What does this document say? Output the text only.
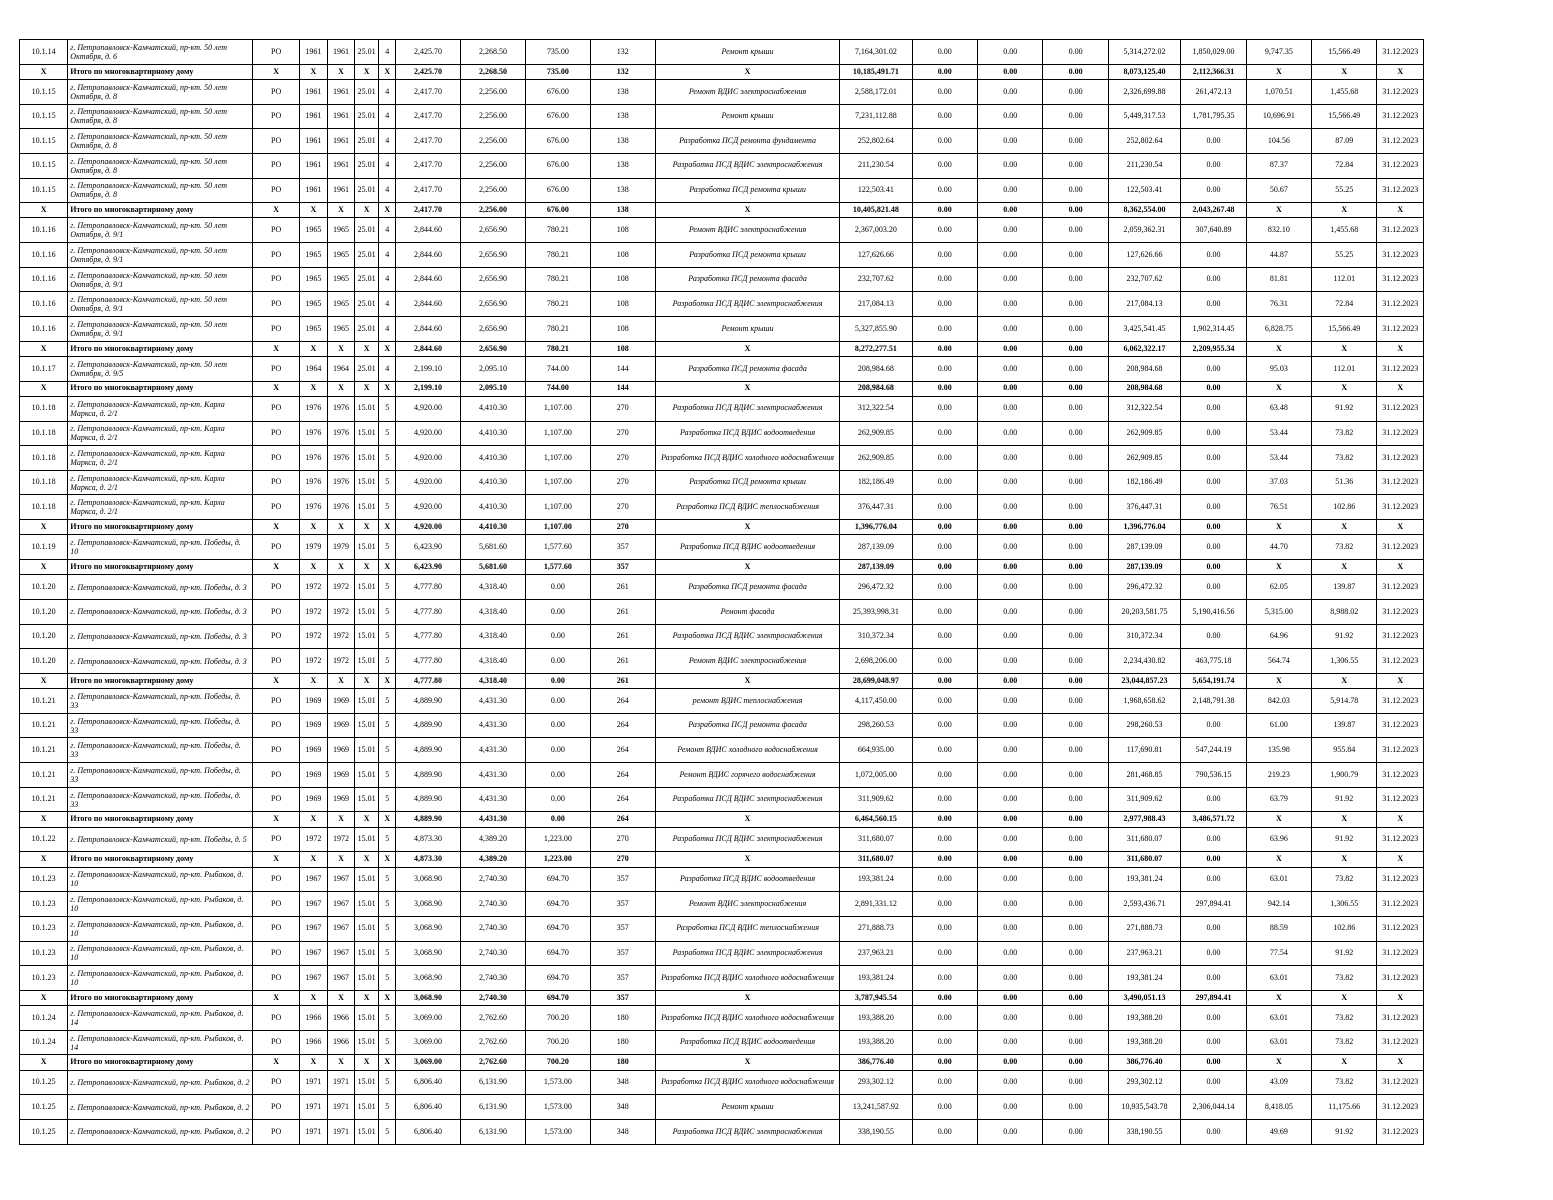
10.1.14	г. Петропавловск-Камчатский, пр-кт. 50 лет Октября, д. 6	РО	1961	1961	25.01	4	2,425.70	2,268.50	735.00	132	Ремонт крыши	7,164,301.02	0.00	0.00	0.00	5,314,272.02	1,850,029.00	9,747.35	15,566.49	31.12.2023
X	Итого по многоквартирному дому	X	X	X	X	X	2,425.70	2,268.50	735.00	132	X	10,185,491.71	0.00	0.00	0.00	8,073,125.40	2,112,366.31	X	X	X
10.1.15	г. Петропавловск-Камчатский, пр-кт. 50 лет Октября, д. 8	РО	1961	1961	25.01	4	2,417.70	2,256.00	676.00	138	Ремонт ВДИС электроснабжения	2,588,172.01	0.00	0.00	0.00	2,326,699.88	261,472.13	1,070.51	1,455.68	31.12.2023
10.1.15	г. Петропавловск-Камчатский, пр-кт. 50 лет Октября, д. 8	РО	1961	1961	25.01	4	2,417.70	2,256.00	676.00	138	Ремонт крыши	7,231,112.88	0.00	0.00	0.00	5,449,317.53	1,781,795.35	10,696.91	15,566.49	31.12.2023
10.1.15	г. Петропавловск-Камчатский, пр-кт. 50 лет Октября, д. 8	РО	1961	1961	25.01	4	2,417.70	2,256.00	676.00	138	Разработка ПСД ремонта фундамента	252,802.64	0.00	0.00	0.00	252,802.64	0.00	104.56	87.09	31.12.2023
10.1.15	г. Петропавловск-Камчатский, пр-кт. 50 лет Октября, д. 8	РО	1961	1961	25.01	4	2,417.70	2,256.00	676.00	138	Разработка ПСД ВДИС электроснабжения	211,230.54	0.00	0.00	0.00	211,230.54	0.00	87.37	72.84	31.12.2023
10.1.15	г. Петропавловск-Камчатский, пр-кт. 50 лет Октября, д. 8	РО	1961	1961	25.01	4	2,417.70	2,256.00	676.00	138	Разработка ПСД ремонта крыши	122,503.41	0.00	0.00	0.00	122,503.41	0.00	50.67	55.25	31.12.2023
X	Итого по многоквартирному дому	X	X	X	X	X	2,417.70	2,256.00	676.00	138	X	10,405,821.48	0.00	0.00	0.00	8,362,554.00	2,043,267.48	X	X	X
10.1.16	г. Петропавловск-Камчатский, пр-кт. 50 лет Октября, д. 9/1	РО	1965	1965	25.01	4	2,844.60	2,656.90	780.21	108	Ремонт ВДИС электроснабжения	2,367,003.20	0.00	0.00	0.00	2,059,362.31	307,640.89	832.10	1,455.68	31.12.2023
10.1.16	г. Петропавловск-Камчатский, пр-кт. 50 лет Октября, д. 9/1	РО	1965	1965	25.01	4	2,844.60	2,656.90	780.21	108	Разработка ПСД ремонта крыши	127,626.66	0.00	0.00	0.00	127,626.66	0.00	44.87	55.25	31.12.2023
10.1.16	г. Петропавловск-Камчатский, пр-кт. 50 лет Октября, д. 9/1	РО	1965	1965	25.01	4	2,844.60	2,656.90	780.21	108	Разработка ПСД ремонта фасада	232,707.62	0.00	0.00	0.00	232,707.62	0.00	81.81	112.01	31.12.2023
10.1.16	г. Петропавловск-Камчатский, пр-кт. 50 лет Октября, д. 9/1	РО	1965	1965	25.01	4	2,844.60	2,656.90	780.21	108	Разработка ПСД ВДИС электроснабжения	217,084.13	0.00	0.00	0.00	217,084.13	0.00	76.31	72.84	31.12.2023
10.1.16	г. Петропавловск-Камчатский, пр-кт. 50 лет Октября, д. 9/1	РО	1965	1965	25.01	4	2,844.60	2,656.90	780.21	108	Ремонт крыши	5,327,855.90	0.00	0.00	0.00	3,425,541.45	1,902,314.45	6,828.75	15,566.49	31.12.2023
X	Итого по многоквартирному дому	X	X	X	X	X	2,844.60	2,656.90	780.21	108	X	8,272,277.51	0.00	0.00	0.00	6,062,322.17	2,209,955.34	X	X	X
10.1.17	г. Петропавловск-Камчатский, пр-кт. 50 лет Октября, д. 9/5	РО	1964	1964	25.01	4	2,199.10	2,095.10	744.00	144	Разработка ПСД ремонта фасада	208,984.68	0.00	0.00	0.00	208,984.68	0.00	95.03	112.01	31.12.2023
X	Итого по многоквартирному дому	X	X	X	X	X	2,199.10	2,095.10	744.00	144	X	208,984.68	0.00	0.00	0.00	208,984.68	0.00	X	X	X
10.1.18	г. Петропавловск-Камчатский, пр-кт. Карла Маркса, д. 2/1	РО	1976	1976	15.01	5	4,920.00	4,410.30	1,107.00	270	Разработка ПСД ВДИС электроснабжения	312,322.54	0.00	0.00	0.00	312,322.54	0.00	63.48	91.92	31.12.2023
10.1.18	г. Петропавловск-Камчатский, пр-кт. Карла Маркса, д. 2/1	РО	1976	1976	15.01	5	4,920.00	4,410.30	1,107.00	270	Разработка ПСД ВДИС водоотведения	262,909.85	0.00	0.00	0.00	262,909.85	0.00	53.44	73.82	31.12.2023
10.1.18	г. Петропавловск-Камчатский, пр-кт. Карла Маркса, д. 2/1	РО	1976	1976	15.01	5	4,920.00	4,410.30	1,107.00	270	Разработка ПСД ВДИС холодного водоснабжения	262,909.85	0.00	0.00	0.00	262,909.85	0.00	53.44	73.82	31.12.2023
10.1.18	г. Петропавловск-Камчатский, пр-кт. Карла Маркса, д. 2/1	РО	1976	1976	15.01	5	4,920.00	4,410.30	1,107.00	270	Разработка ПСД ремонта крыши	182,186.49	0.00	0.00	0.00	182,186.49	0.00	37.03	51.36	31.12.2023
10.1.18	г. Петропавловск-Камчатский, пр-кт. Карла Маркса, д. 2/1	РО	1976	1976	15.01	5	4,920.00	4,410.30	1,107.00	270	Разработка ПСД ВДИС теплоснабжения	376,447.31	0.00	0.00	0.00	376,447.31	0.00	76.51	102.86	31.12.2023
X	Итого по многоквартирному дому	X	X	X	X	X	4,920.00	4,410.30	1,107.00	270	X	1,396,776.04	0.00	0.00	0.00	1,396,776.04	0.00	X	X	X
10.1.19	г. Петропавловск-Камчатский, пр-кт. Победы, д. 10	РО	1979	1979	15.01	5	6,423.90	5,681.60	1,577.60	357	Разработка ПСД ВДИС водоотведения	287,139.09	0.00	0.00	0.00	287,139.09	0.00	44.70	73.82	31.12.2023
X	Итого по многоквартирному дому	X	X	X	X	X	6,423.90	5,681.60	1,577.60	357	X	287,139.09	0.00	0.00	0.00	287,139.09	0.00	X	X	X
10.1.20	г. Петропавловск-Камчатский, пр-кт. Победы, д. 3	РО	1972	1972	15.01	5	4,777.80	4,318.40	0.00	261	Разработка ПСД ремонта фасада	296,472.32	0.00	0.00	0.00	296,472.32	0.00	62.05	139.87	31.12.2023
10.1.20	г. Петропавловск-Камчатский, пр-кт. Победы, д. 3	РО	1972	1972	15.01	5	4,777.80	4,318.40	0.00	261	Ремонт фасада	25,393,998.31	0.00	0.00	0.00	20,203,581.75	5,190,416.56	5,315.00	8,988.02	31.12.2023
10.1.20	г. Петропавловск-Камчатский, пр-кт. Победы, д. 3	РО	1972	1972	15.01	5	4,777.80	4,318.40	0.00	261	Разработка ПСД ВДИС электроснабжения	310,372.34	0.00	0.00	0.00	310,372.34	0.00	64.96	91.92	31.12.2023
10.1.20	г. Петропавловск-Камчатский, пр-кт. Победы, д. 3	РО	1972	1972	15.01	5	4,777.80	4,318.40	0.00	261	Ремонт ВДИС электроснабжения	2,698,206.00	0.00	0.00	0.00	2,234,430.82	463,775.18	564.74	1,306.55	31.12.2023
X	Итого по многоквартирному дому	X	X	X	X	X	4,777.80	4,318.40	0.00	261	X	28,699,048.97	0.00	0.00	0.00	23,044,857.23	5,654,191.74	X	X	X
10.1.21	г. Петропавловск-Камчатский, пр-кт. Победы, д. 33	РО	1969	1969	15.01	5	4,889.90	4,431.30	0.00	264	ремонт ВДИС теплоснабжения	4,117,450.00	0.00	0.00	0.00	1,968,658.62	2,148,791.38	842.03	5,914.78	31.12.2023
10.1.21	г. Петропавловск-Камчатский, пр-кт. Победы, д. 33	РО	1969	1969	15.01	5	4,889.90	4,431.30	0.00	264	Разработка ПСД ремонта фасада	298,260.53	0.00	0.00	0.00	298,260.53	0.00	61.00	139.87	31.12.2023
10.1.21	г. Петропавловск-Камчатский, пр-кт. Победы, д. 33	РО	1969	1969	15.01	5	4,889.90	4,431.30	0.00	264	Ремонт ВДИС холодного водоснабжения	664,935.00	0.00	0.00	0.00	117,690.81	547,244.19	135.98	955.84	31.12.2023
10.1.21	г. Петропавловск-Камчатский, пр-кт. Победы, д. 33	РО	1969	1969	15.01	5	4,889.90	4,431.30	0.00	264	Ремонт ВДИС горячего водоснабжения	1,072,005.00	0.00	0.00	0.00	281,468.85	790,536.15	219.23	1,900.79	31.12.2023
10.1.21	г. Петропавловск-Камчатский, пр-кт. Победы, д. 33	РО	1969	1969	15.01	5	4,889.90	4,431.30	0.00	264	Разработка ПСД ВДИС электроснабжения	311,909.62	0.00	0.00	0.00	311,909.62	0.00	63.79	91.92	31.12.2023
X	Итого по многоквартирному дому	X	X	X	X	X	4,889.90	4,431.30	0.00	264	X	6,464,560.15	0.00	0.00	0.00	2,977,988.43	3,486,571.72	X	X	X
10.1.22	г. Петропавловск-Камчатский, пр-кт. Победы, д. 5	РО	1972	1972	15.01	5	4,873.30	4,389.20	1,223.00	270	Разработка ПСД ВДИС электроснабжения	311,680.07	0.00	0.00	0.00	311,680.07	0.00	63.96	91.92	31.12.2023
X	Итого по многоквартирному дому	X	X	X	X	X	4,873.30	4,389.20	1,223.00	270	X	311,680.07	0.00	0.00	0.00	311,680.07	0.00	X	X	X
10.1.23	г. Петропавловск-Камчатский, пр-кт. Рыбаков, д. 10	РО	1967	1967	15.01	5	3,068.90	2,740.30	694.70	357	Разработка ПСД ВДИС водоотведения	193,381.24	0.00	0.00	0.00	193,381.24	0.00	63.01	73.82	31.12.2023
10.1.23	г. Петропавловск-Камчатский, пр-кт. Рыбаков, д. 10	РО	1967	1967	15.01	5	3,068.90	2,740.30	694.70	357	Ремонт ВДИС электроснабжения	2,891,331.12	0.00	0.00	0.00	2,593,436.71	297,894.41	942.14	1,306.55	31.12.2023
10.1.23	г. Петропавловск-Камчатский, пр-кт. Рыбаков, д. 10	РО	1967	1967	15.01	5	3,068.90	2,740.30	694.70	357	Разработка ПСД ВДИС теплоснабжения	271,888.73	0.00	0.00	0.00	271,888.73	0.00	88.59	102.86	31.12.2023
10.1.23	г. Петропавловск-Камчатский, пр-кт. Рыбаков, д. 10	РО	1967	1967	15.01	5	3,068.90	2,740.30	694.70	357	Разработка ПСД ВДИС электроснабжения	237,963.21	0.00	0.00	0.00	237,963.21	0.00	77.54	91.92	31.12.2023
10.1.23	г. Петропавловск-Камчатский, пр-кт. Рыбаков, д. 10	РО	1967	1967	15.01	5	3,068.90	2,740.30	694.70	357	Разработка ПСД ВДИС холодного водоснабжения	193,381.24	0.00	0.00	0.00	193,381.24	0.00	63.01	73.82	31.12.2023
X	Итого по многоквартирному дому	X	X	X	X	X	3,068.90	2,740.30	694.70	357	X	3,787,945.54	0.00	0.00	0.00	3,490,051.13	297,894.41	X	X	X
10.1.24	г. Петропавловск-Камчатский, пр-кт. Рыбаков, д. 14	РО	1966	1966	15.01	5	3,069.00	2,762.60	700.20	180	Разработка ПСД ВДИС холодного водоснабжения	193,388.20	0.00	0.00	0.00	193,388.20	0.00	63.01	73.82	31.12.2023
10.1.24	г. Петропавловск-Камчатский, пр-кт. Рыбаков, д. 14	РО	1966	1966	15.01	5	3,069.00	2,762.60	700.20	180	Разработка ПСД ВДИС водоотведения	193,388.20	0.00	0.00	0.00	193,388.20	0.00	63.01	73.82	31.12.2023
X	Итого по многоквартирному дому	X	X	X	X	X	3,069.00	2,762.60	700.20	180	X	386,776.40	0.00	0.00	0.00	386,776.40	0.00	X	X	X
10.1.25	г. Петропавловск-Камчатский, пр-кт. Рыбаков, д. 2	РО	1971	1971	15.01	5	6,806.40	6,131.90	1,573.00	348	Разработка ПСД ВДИС холодного водоснабжения	293,302.12	0.00	0.00	0.00	293,302.12	0.00	43.09	73.82	31.12.2023
10.1.25	г. Петропавловск-Камчатский, пр-кт. Рыбаков, д. 2	РО	1971	1971	15.01	5	6,806.40	6,131.90	1,573.00	348	Ремонт крыши	13,241,587.92	0.00	0.00	0.00	10,935,543.78	2,306,044.14	8,418.05	11,175.66	31.12.2023
10.1.25	г. Петропавловск-Камчатский, пр-кт. Рыбаков, д. 2	РО	1971	1971	15.01	5	6,806.40	6,131.90	1,573.00	348	Разработка ПСД ВДИС электроснабжения	338,190.55	0.00	0.00	0.00	338,190.55	0.00	49.69	91.92	31.12.2023
